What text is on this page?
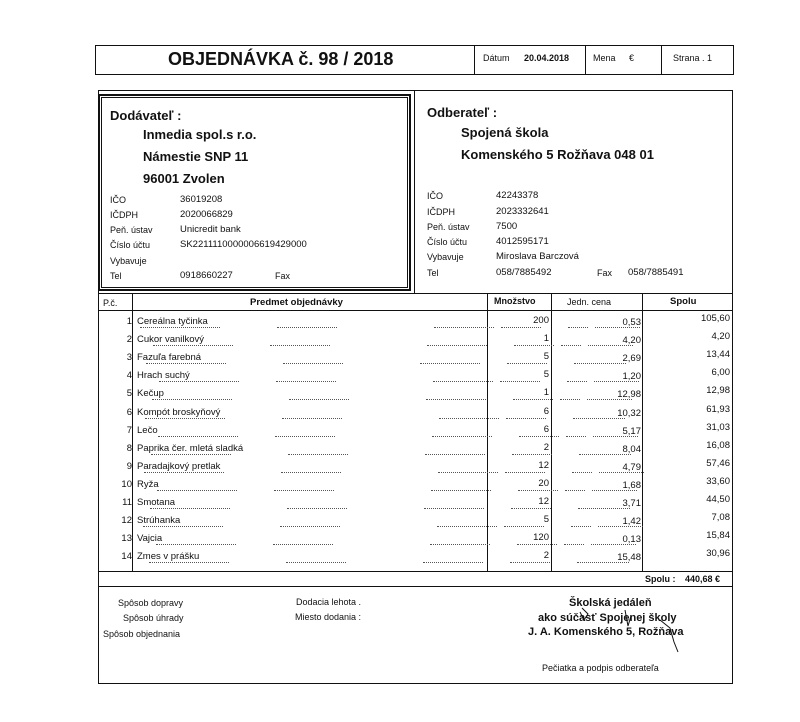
OBJEDNÁVKA č. 98 / 2018	Dátum 20.04.2018	Mena €	Strana . 1
Dodávateľ :
Inmedia spol.s r.o.
Námestie SNP 11
96001 Zvolen
IČO	36019208
IČDPH	2020066829
Peň. ústav	Unicredit bank
Číslo účtu	SK2211110000006619429000
Vybavuje
Tel	0918660227	Fax
Odberateľ :
Spojená škola
Komenského 5 Rožňava 048 01
IČO	42243378
IČDPH	2023332641
Peň. ústav	7500
Číslo účtu	4012595171
Vybavuje	Miroslava Barczová
Tel	058/7885492	Fax 058/7885491
P.č.	Predmet objednávky	Množstvo	Jedn. cena	Spolu
1 Cereálna tyčinka	200	0,53	105,60
2 Cukor vanilkový	1	4,20	4,20
3 Fazuľa farebná	5	2,69	13,44
4 Hrach suchý	5	1,20	6,00
5 Kečup	1	12,98	12,98
6 Kompót broskyňový	6	10,32	61,93
7 Lečo	6	5,17	31,03
8 Paprika čer. mletá sladká	2	8,04	16,08
9 Paradajkový pretlak	12	4,79	57,46
10 Ryža	20	1,68	33,60
11 Smotana	12	3,71	44,50
12 Strúhanka	5	1,42	7,08
13 Vajcia	120	0,13	15,84
14 Zmes v prášku	2	15,48	30,96
Spolu : 440,68 €
Spôsob dopravy
Spôsob úhrady
Spôsob objednania
Dodacia lehota .
Miesto dodania :
Školská jedáleň
ako súčasť Spojenej školy
J. A. Komenského 5, Rožňava
Pečiatka a podpis odberateľa
